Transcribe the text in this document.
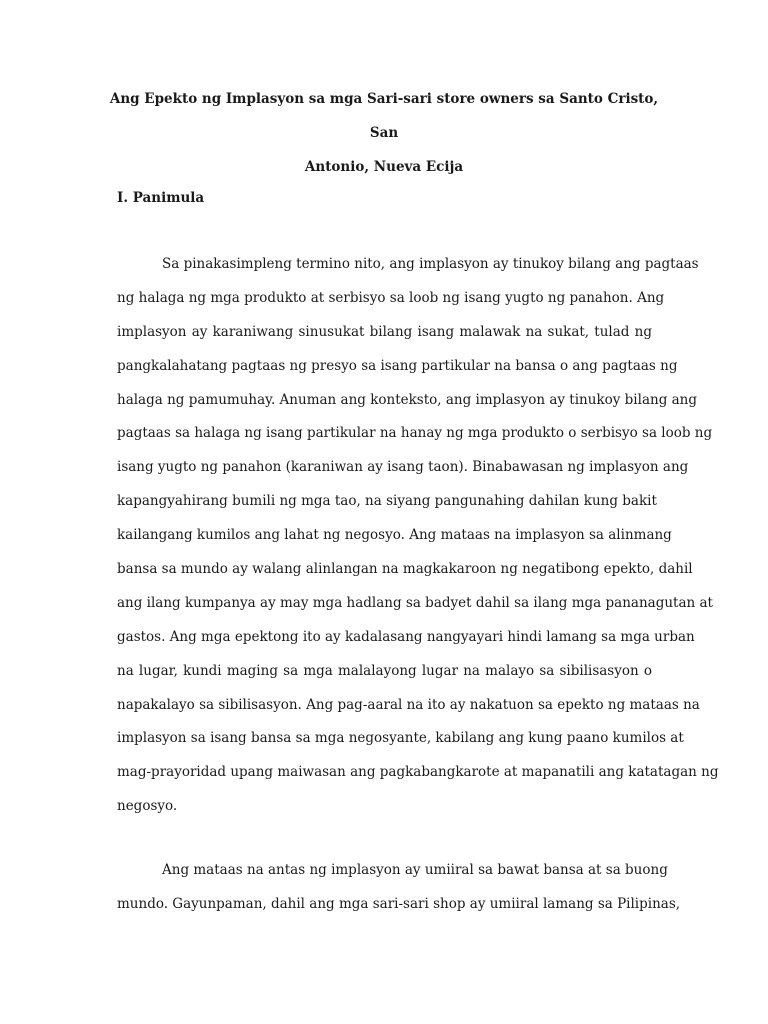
Ang Epekto ng Implasyon sa mga Sari-sari store owners sa Santo Cristo, San
Antonio, Nueva Ecija
I. Panimula
Sa pinakasimpleng termino nito, ang implasyon ay tinukoy bilang ang pagtaas
ng halaga ng mga produkto at serbisyo sa loob ng isang yugto ng panahon. Ang
implasyon ay karaniwang sinusukat bilang isang malawak na sukat, tulad ng
pangkalahatang pagtaas ng presyo sa isang partikular na bansa o ang pagtaas ng
halaga ng pamumuhay. Anuman ang konteksto, ang implasyon ay tinukoy bilang ang
pagtaas sa halaga ng isang partikular na hanay ng mga produkto o serbisyo sa loob ng
isang yugto ng panahon (karaniwan ay isang taon). Binabawasan ng implasyon ang
kapangyahirang bumili ng mga tao, na siyang pangunahing dahilan kung bakit
kailangang kumilos ang lahat ng negosyo. Ang mataas na implasyon sa alinmang
bansa sa mundo ay walang alinlangan na magkakaroon ng negatibong epekto, dahil
ang ilang kumpanya ay may mga hadlang sa badyet dahil sa ilang mga pananagutan at
gastos. Ang mga epektong ito ay kadalasang nangyayari hindi lamang sa mga urban
na lugar, kundi maging sa mga malalayong lugar na malayo sa sibilisasyon o
napakalayo sa sibilisasyon. Ang pag-aaral na ito ay nakatuon sa epekto ng mataas na
implasyon sa isang bansa sa mga negosyante, kabilang ang kung paano kumilos at
mag-prayoridad upang maiwasan ang pagkabangkarote at mapanatili ang katatagan ng
negosyo.
Ang mataas na antas ng implasyon ay umiiral sa bawat bansa at sa buong
mundo. Gayunpaman, dahil ang mga sari-sari shop ay umiiral lamang sa Pilipinas,
